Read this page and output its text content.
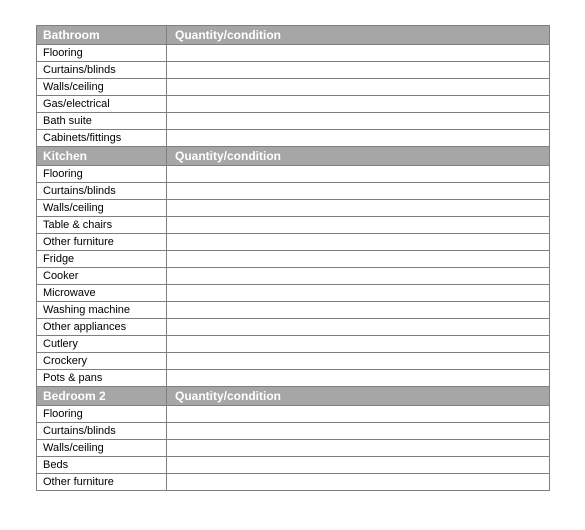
Bathroom	Quantity/condition
Flooring	
Curtains/blinds	
Walls/ceiling	
Gas/electrical	
Bath suite	
Cabinets/fittings	
Kitchen	Quantity/condition
Flooring	
Curtains/blinds	
Walls/ceiling	
Table & chairs	
Other furniture	
Fridge	
Cooker	
Microwave	
Washing machine	
Other appliances	
Cutlery	
Crockery	
Pots & pans	
Bedroom 2	Quantity/condition
Flooring	
Curtains/blinds	
Walls/ceiling	
Beds	
Other furniture	
